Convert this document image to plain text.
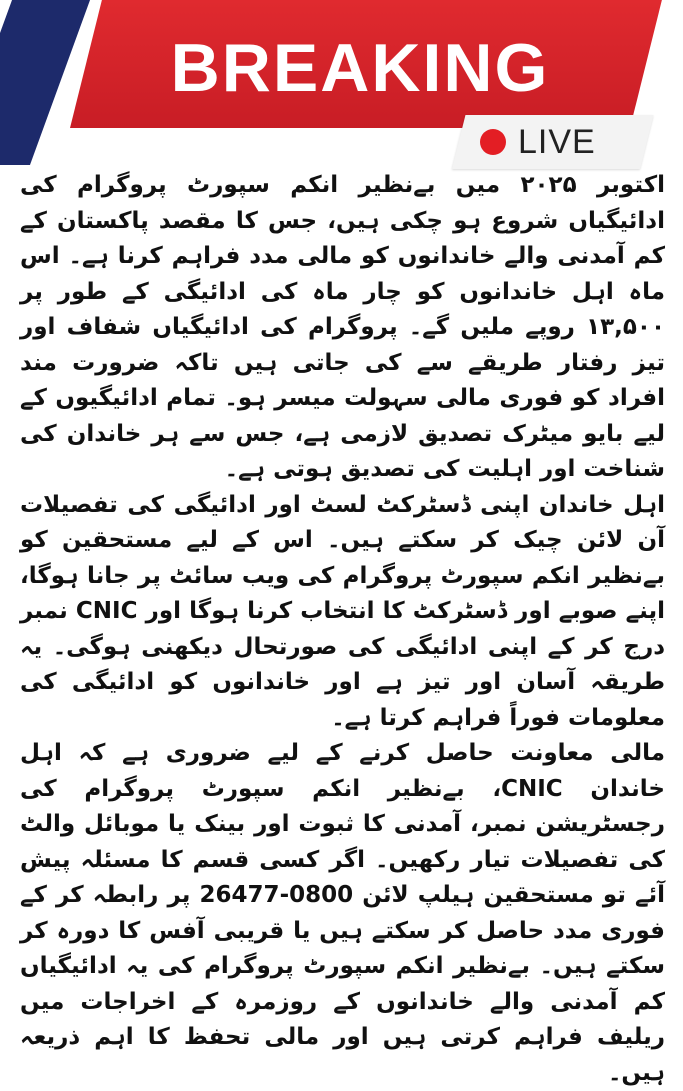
BREAKING
LIVE

اکتوبر ۲۰۲۵ میں بےنظیر انکم سپورٹ پروگرام کی ادائیگیاں شروع ہو چکی ہیں، جس کا مقصد پاکستان کے کم آمدنی والے خاندانوں کو مالی مدد فراہم کرنا ہے۔ اس ماہ اہل خاندانوں کو چار ماہ کی ادائیگی کے طور پر ۱۳,۵۰۰ روپے ملیں گے۔ پروگرام کی ادائیگیاں شفاف اور تیز رفتار طریقے سے کی جاتی ہیں تاکہ ضرورت مند افراد کو فوری مالی سہولت میسر ہو۔ تمام ادائیگیوں کے لیے بایو میٹرک تصدیق لازمی ہے، جس سے ہر خاندان کی شناخت اور اہلیت کی تصدیق ہوتی ہے۔

اہل خاندان اپنی ڈسٹرکٹ لسٹ اور ادائیگی کی تفصیلات آن لائن چیک کر سکتے ہیں۔ اس کے لیے مستحقین کو بےنظیر انکم سپورٹ پروگرام کی ویب سائٹ پر جانا ہوگا، اپنے صوبے اور ڈسٹرکٹ کا انتخاب کرنا ہوگا اور CNIC نمبر درج کر کے اپنی ادائیگی کی صورتحال دیکھنی ہوگی۔ یہ طریقہ آسان اور تیز ہے اور خاندانوں کو ادائیگی کی معلومات فوراً فراہم کرتا ہے۔

مالی معاونت حاصل کرنے کے لیے ضروری ہے کہ اہل خاندان CNIC، بےنظیر انکم سپورٹ پروگرام کی رجسٹریشن نمبر، آمدنی کا ثبوت اور بینک یا موبائل والٹ کی تفصیلات تیار رکھیں۔ اگر کسی قسم کا مسئلہ پیش آئے تو مستحقین ہیلپ لائن 0800-26477 پر رابطہ کر کے فوری مدد حاصل کر سکتے ہیں یا قریبی آفس کا دورہ کر سکتے ہیں۔ بےنظیر انکم سپورٹ پروگرام کی یہ ادائیگیاں کم آمدنی والے خاندانوں کے روزمرہ کے اخراجات میں ریلیف فراہم کرتی ہیں اور مالی تحفظ کا اہم ذریعہ ہیں۔
